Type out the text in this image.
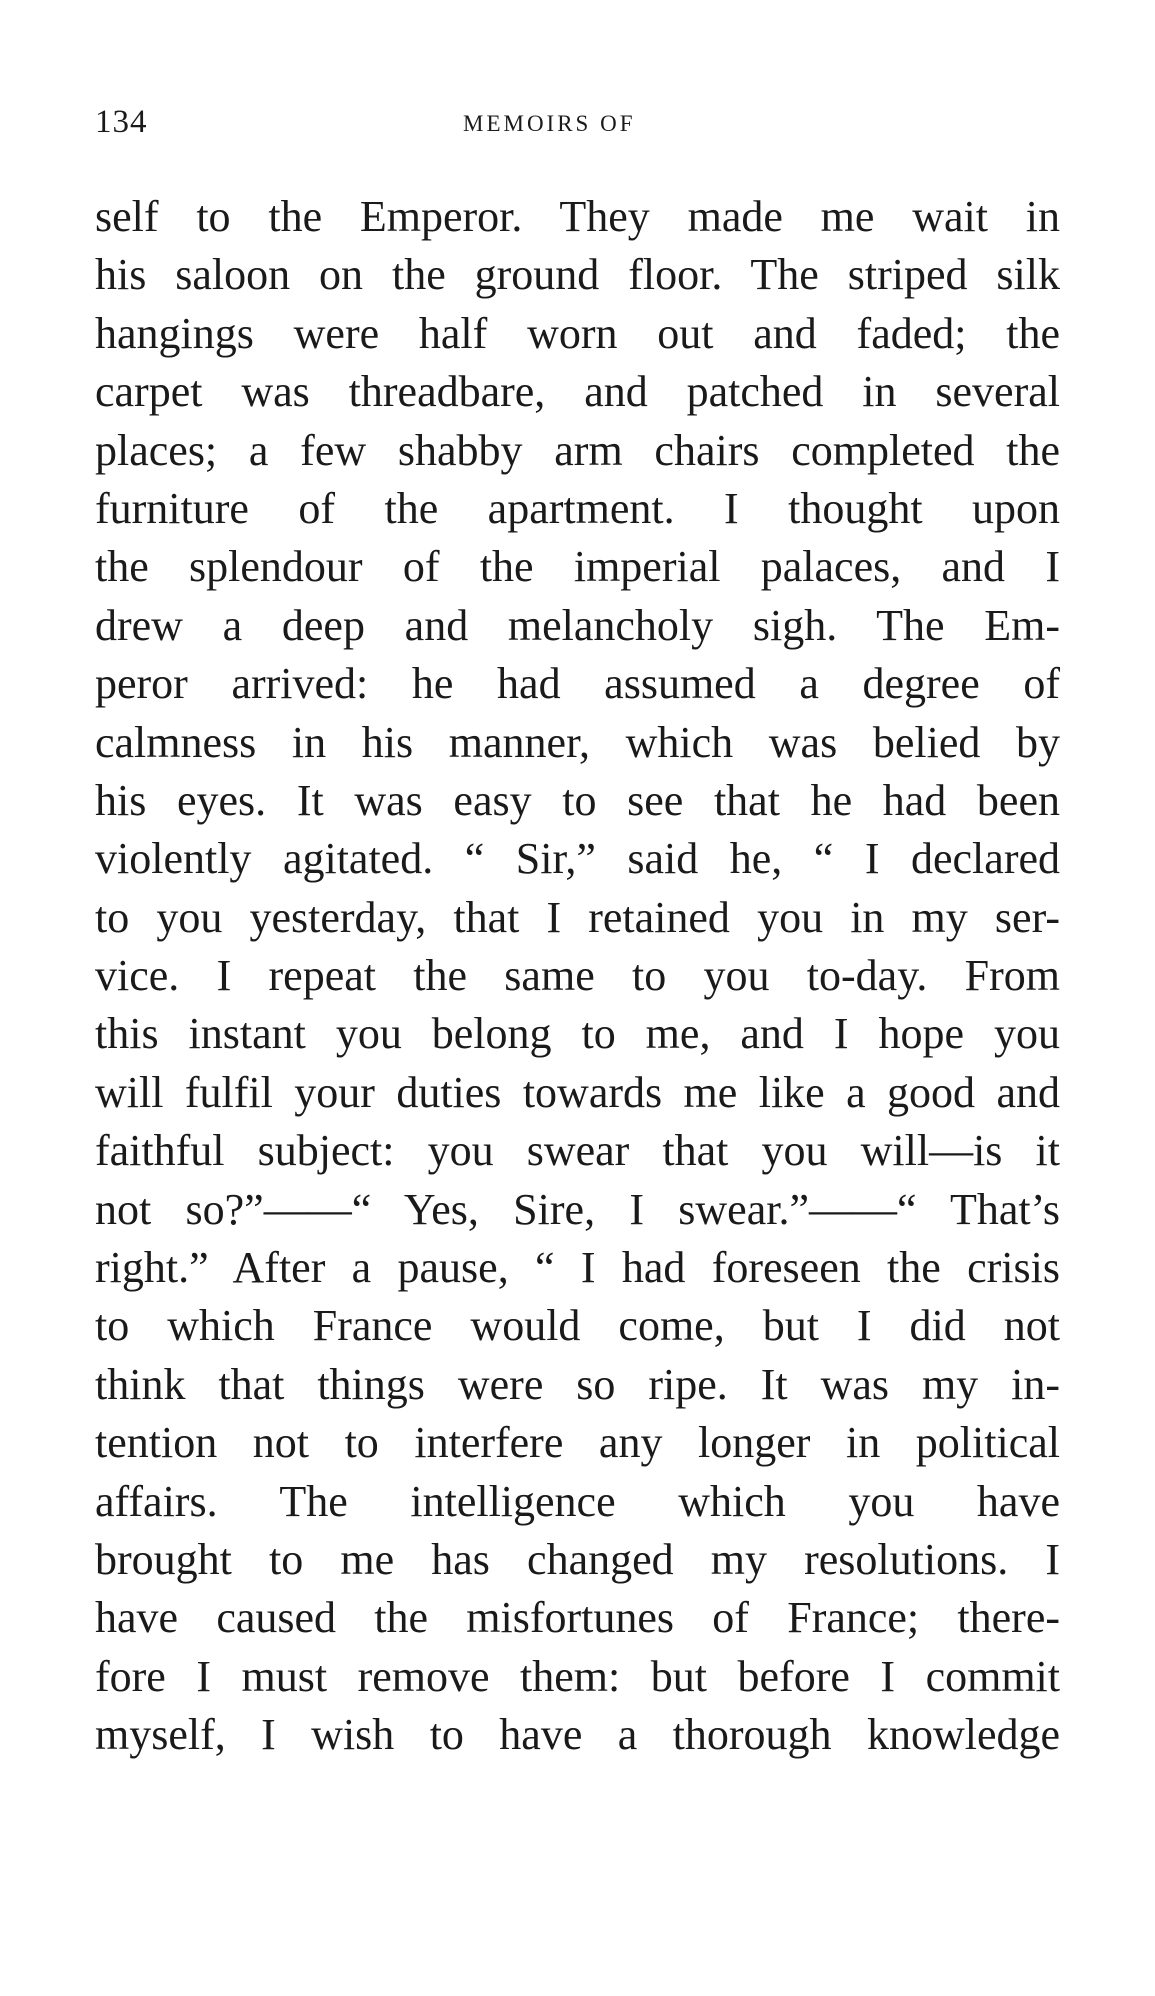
134	MEMOIRS OF
self to the Emperor. They made me wait in
his saloon on the ground floor. The striped silk
hangings were half worn out and faded; the
carpet was threadbare, and patched in several
places; a few shabby arm chairs completed the
furniture of the apartment. I thought upon
the splendour of the imperial palaces, and I
drew a deep and melancholy sigh. The Em-
peror arrived: he had assumed a degree of
calmness in his manner, which was belied by
his eyes. It was easy to see that he had been
violently agitated. “ Sir,” said he, “ I declared
to you yesterday, that I retained you in my ser-
vice. I repeat the same to you to-day. From
this instant you belong to me, and I hope you
will fulfil your duties towards me like a good and
faithful subject: you swear that you will—is it
not so?”——“ Yes, Sire, I swear.”——“ That’s
right.” After a pause, “ I had foreseen the crisis
to which France would come, but I did not
think that things were so ripe. It was my in-
tention not to interfere any longer in political
affairs. The intelligence which you have
brought to me has changed my resolutions. I
have caused the misfortunes of France; there-
fore I must remove them: but before I commit
myself, I wish to have a thorough knowledge
